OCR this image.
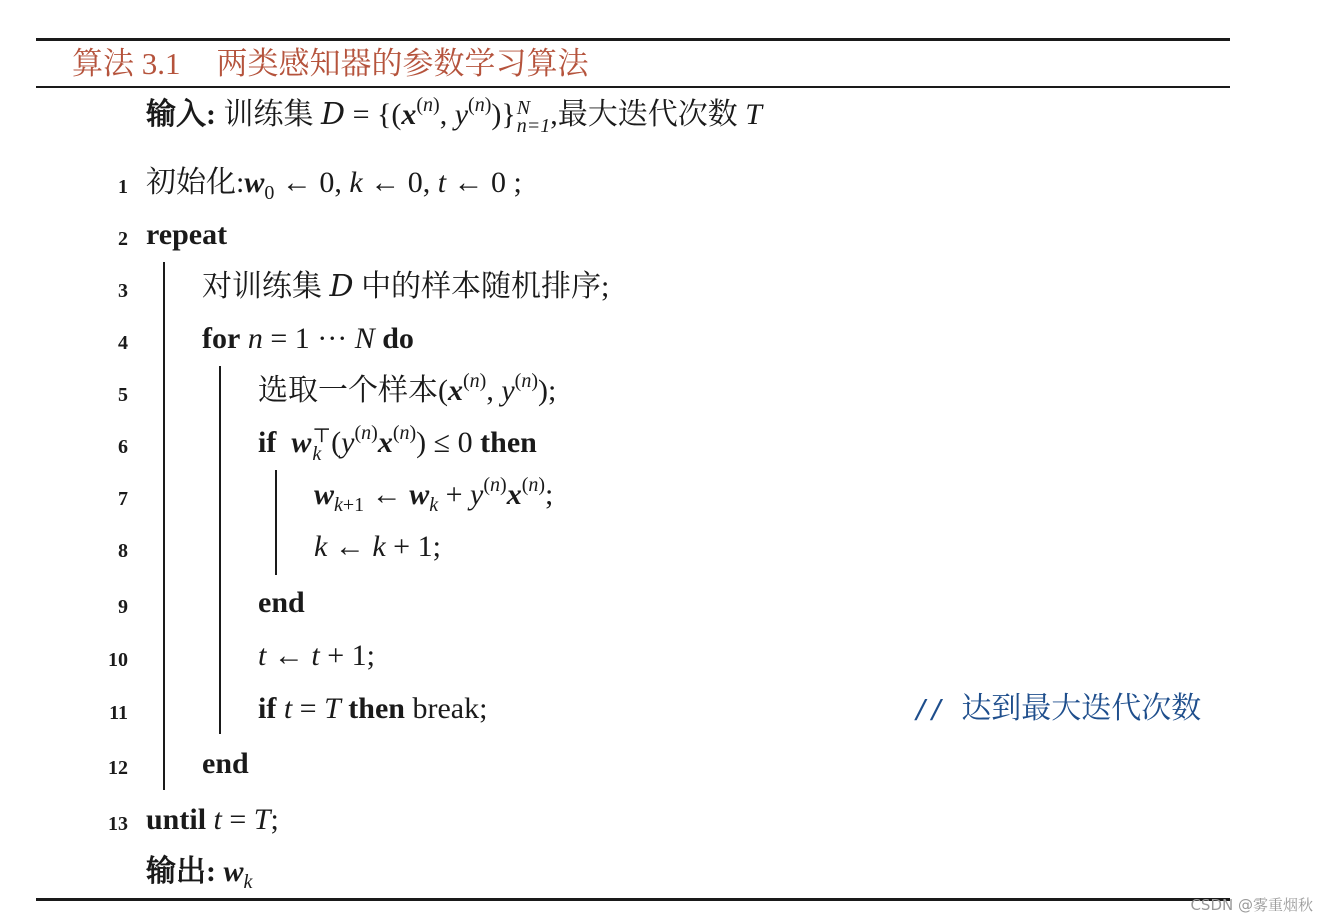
算法 3.1 两类感知器的参数学习算法
输入: 训练集 $D = \{(x^{(n)}$, $y^{(n)}$)} N
n=1 ,最大迭代次数 T
1 初始化$:w_0$ ← 0, k ← 0, t ← 0 ;
2 repeat
3 对训练集 D 中的样本随机排序;
4 for n = 1 ··· N do
5	选取一个样本($x^{(n)}$, $y^{(n)}$);
6	if w ⊤
k $(y^{(n)}x^{(n)}) \le 0$ then
7	$w_{k+1}$ ← $w_k + y^{(n)}x^{(n)}$;
8	k ← k + 1;
9	end
10	t ← t + 1;
11	if t = T then break;	// 达到最大迭代次数
12 end
13 until t = T;
输出: $w_k$
CSDN @雾重烟秋
